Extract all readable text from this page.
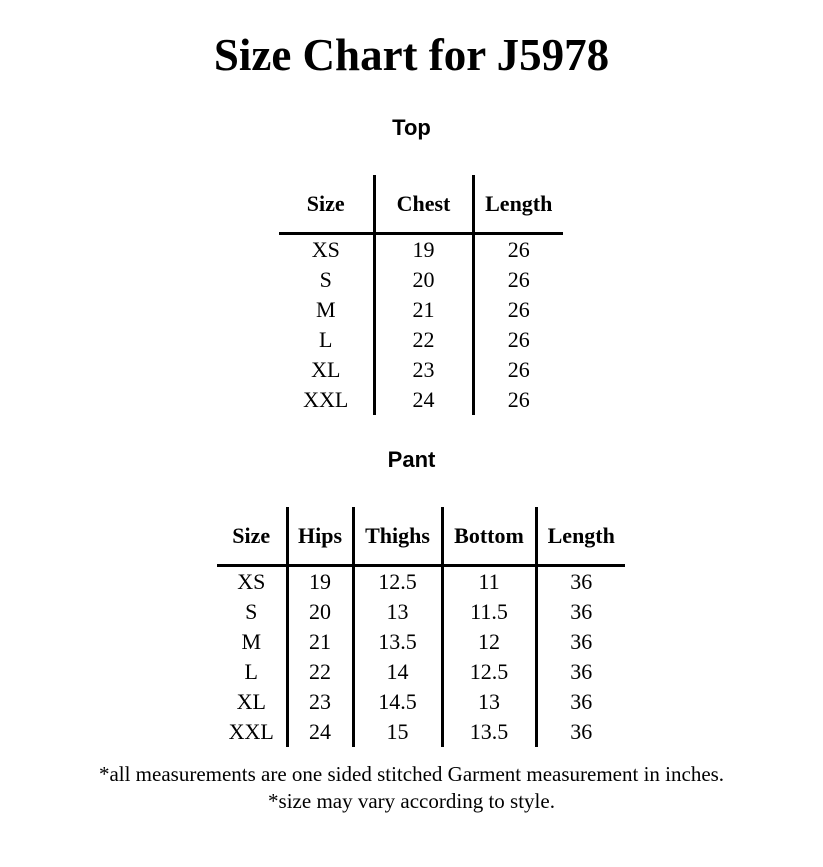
Size Chart for J5978
Top
Size	Chest	Length
XS	19	26
S	20	26
M	21	26
L	22	26
XL	23	26
XXL	24	26
Pant
Size	Hips	Thighs	Bottom	Length
XS	19	12.5	11	36
S	20	13	11.5	36
M	21	13.5	12	36
L	22	14	12.5	36
XL	23	14.5	13	36
XXL	24	15	13.5	36
*all measurements are one sided stitched Garment measurement in inches.
*size may vary according to style.
